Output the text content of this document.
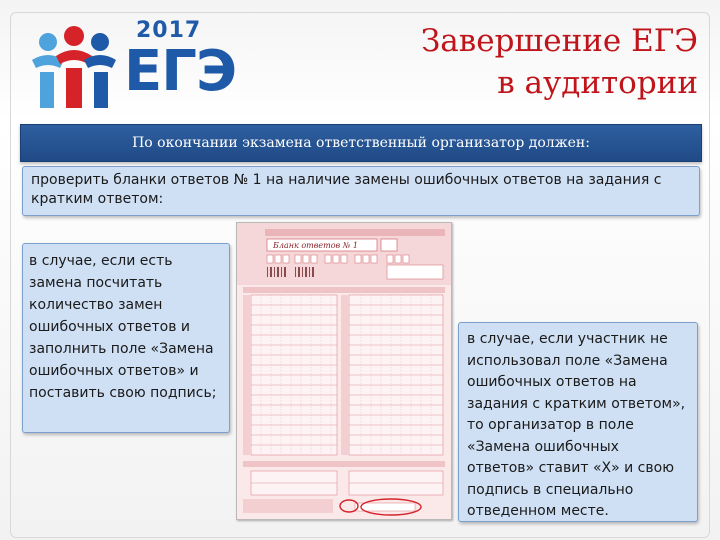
2017
ЕГЭ	Завершение ЕГЭ
в аудитории
По окончании экзамена ответственный организатор должен:
проверить бланки ответов № 1 на наличие замены ошибочных ответов на задания с кратким ответом:
в случае, если есть замена посчитать количество замен ошибочных ответов и заполнить поле «Замена ошибочных ответов» и поставить свою подпись;
Бланк ответов № 1
в случае, если участник не использовал поле «Замена ошибочных ответов на задания с кратким ответом», то организатор в поле «Замена ошибочных ответов» ставит «Х» и свою подпись в специально отведенном месте.
